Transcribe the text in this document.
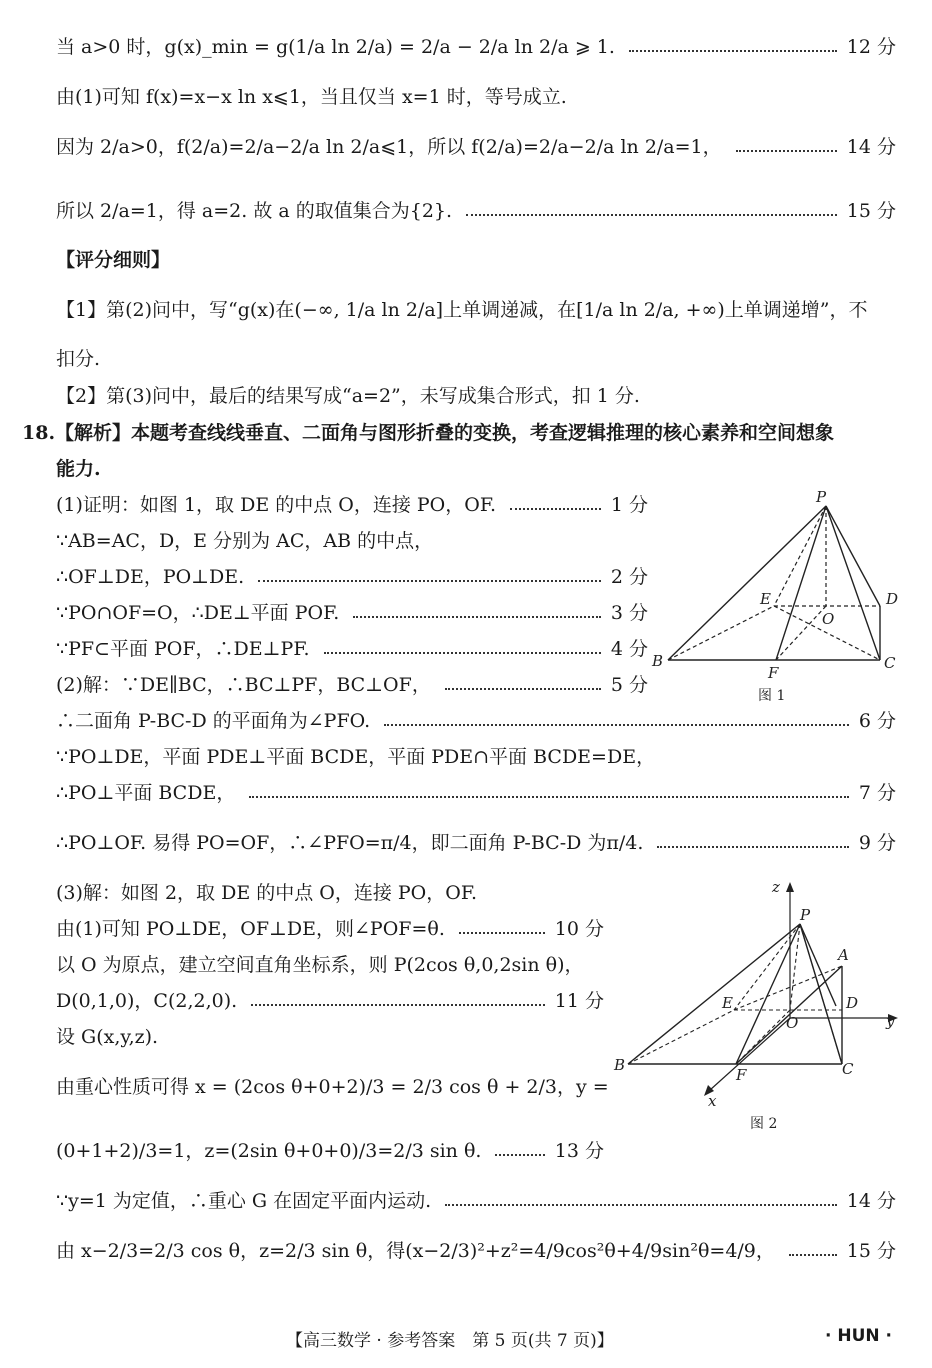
当 a>0 时，g(x)_min = g(1/a ln 2/a) = 2/a − 2/a ln 2/a ⩾ 1.	12 分
由(1)可知 f(x)=x−x ln x⩽1，当且仅当 x=1 时，等号成立.
因为 2/a>0，f(2/a)=2/a−2/a ln 2/a⩽1，所以 f(2/a)=2/a−2/a ln 2/a=1，	14 分
所以 2/a=1，得 a=2. 故 a 的取值集合为{2}.	15 分
【评分细则】
【1】第(2)问中，写“g(x)在(−∞, 1/a ln 2/a]上单调递减，在[1/a ln 2/a, +∞)上单调递增”，不
扣分.
【2】第(3)问中，最后的结果写成“a=2”，未写成集合形式，扣 1 分.
18.【解析】本题考查线线垂直、二面角与图形折叠的变换，考查逻辑推理的核心素养和空间想象
能力.
(1)证明：如图 1，取 DE 的中点 O，连接 PO，OF.	1 分
∵AB=AC，D，E 分别为 AC，AB 的中点，
∴OF⊥DE，PO⊥DE.	2 分
∵PO∩OF=O，∴DE⊥平面 POF.	3 分
∵PF⊂平面 POF，∴DE⊥PF.	4 分
(2)解：∵DE∥BC，∴BC⊥PF，BC⊥OF，	5 分
∴二面角 P-BC-D 的平面角为∠PFO.	6 分
∵PO⊥DE，平面 PDE⊥平面 BCDE，平面 PDE∩平面 BCDE=DE，
∴PO⊥平面 BCDE，	7 分
∴PO⊥OF. 易得 PO=OF，∴∠PFO=π/4，即二面角 P-BC-D 为π/4.	9 分
(3)解：如图 2，取 DE 的中点 O，连接 PO，OF.
由(1)可知 PO⊥DE，OF⊥DE，则∠POF=θ.	10 分
以 O 为原点，建立空间直角坐标系，则 P(2cos θ,0,2sin θ)，
D(0,1,0)，C(2,2,0).	11 分
设 G(x,y,z).
由重心性质可得 x = (2cos θ+0+2)/3 = 2/3 cos θ + 2/3，y =
(0+1+2)/3=1，z=(2sin θ+0+0)/3=2/3 sin θ.	13 分
∵y=1 为定值，∴重心 G 在固定平面内运动.	14 分
由 x−2/3=2/3 cos θ，z=2/3 sin θ，得(x−2/3)²+z²=4/9cos²θ+4/9sin²θ=4/9，	15 分
P
E	D
O
B
F
C
图 1
z
P
A
E	D
O	y
B
F	C
x
图 2
【高三数学 · 参考答案　第 5 页(共 7 页)】	· HUN ·
